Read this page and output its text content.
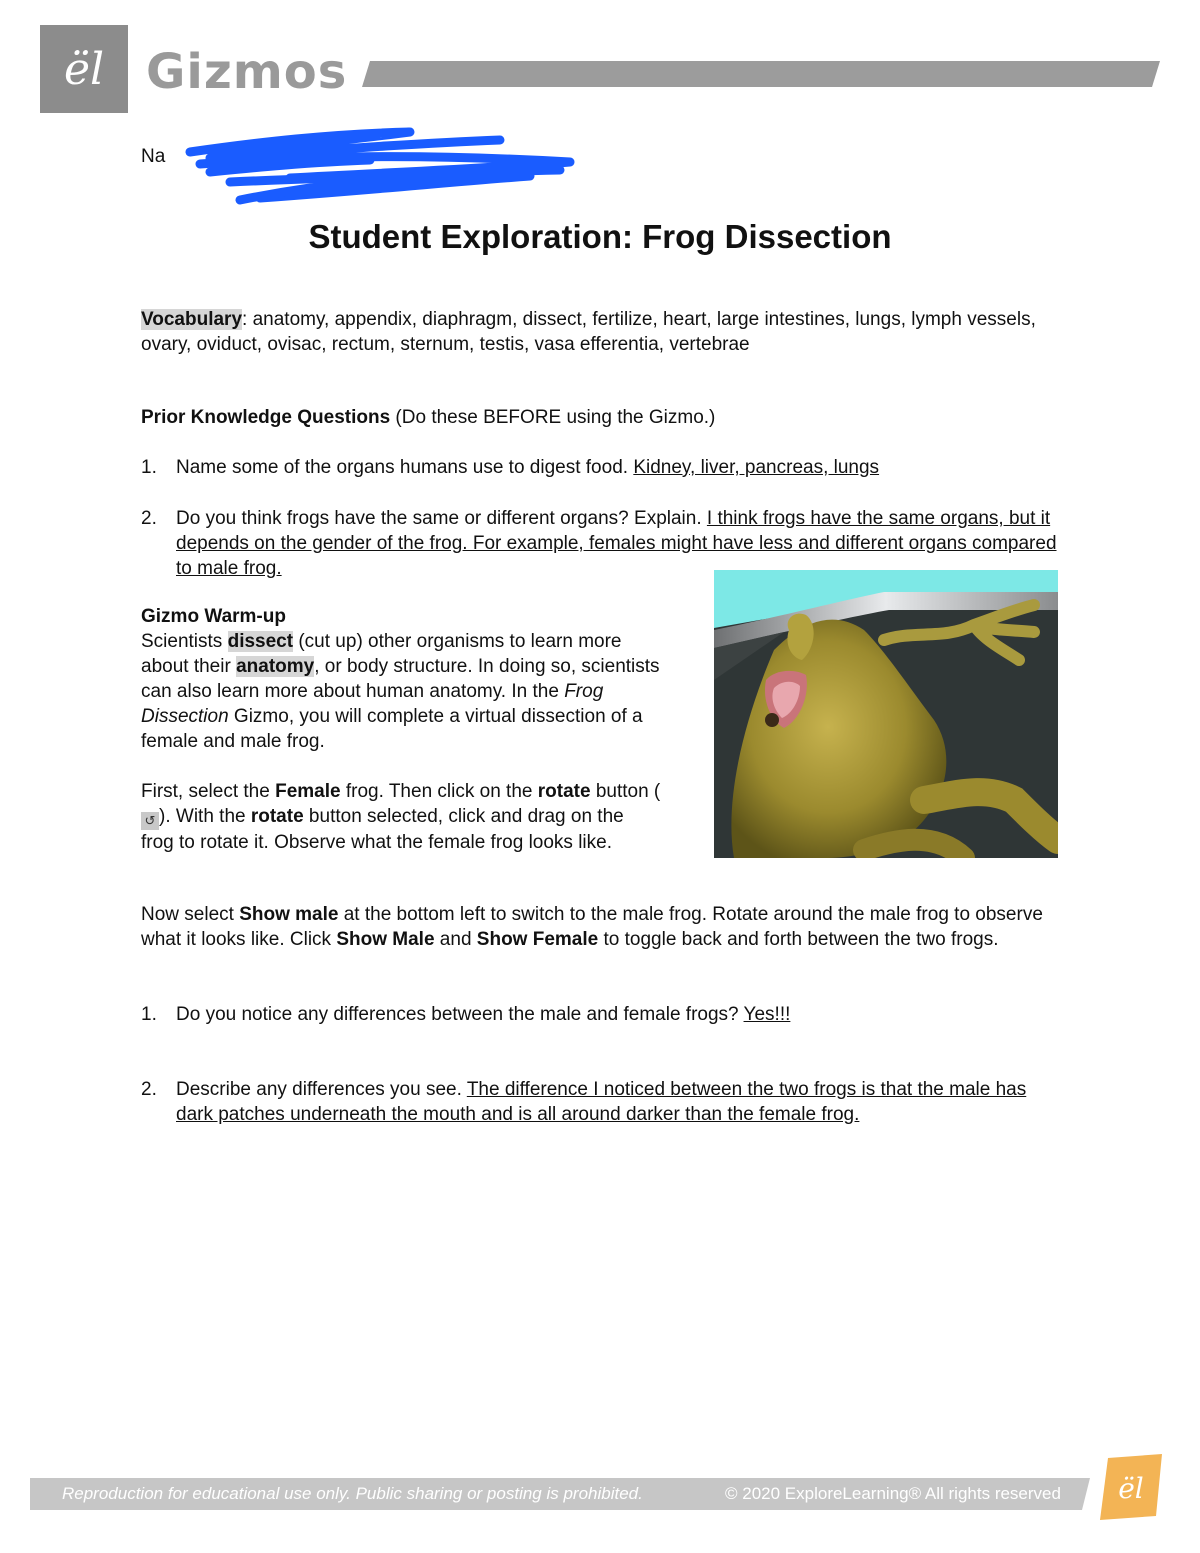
ël Gizmos
Na
Student Exploration: Frog Dissection
Vocabulary: anatomy, appendix, diaphragm, dissect, fertilize, heart, large intestines, lungs, lymph vessels, ovary, oviduct, ovisac, rectum, sternum, testis, vasa efferentia, vertebrae
Prior Knowledge Questions (Do these BEFORE using the Gizmo.)
1. Name some of the organs humans use to digest food. Kidney, liver, pancreas, lungs
2. Do you think frogs have the same or different organs? Explain. I think frogs have the same organs, but it depends on the gender of the frog. For example, females might have less and different organs compared to male frog.
Gizmo Warm-up
Scientists dissect (cut up) other organisms to learn more about their anatomy, or body structure. In doing so, scientists can also learn more about human anatomy. In the Frog Dissection Gizmo, you will complete a virtual dissection of a female and male frog.
First, select the Female frog. Then click on the rotate button (↺ ). With the rotate button selected, click and drag on the frog to rotate it. Observe what the female frog looks like.
Now select Show male at the bottom left to switch to the male frog. Rotate around the male frog to observe what it looks like. Click Show Male and Show Female to toggle back and forth between the two frogs.
1. Do you notice any differences between the male and female frogs? Yes!!!
2. Describe any differences you see. The difference I noticed between the two frogs is that the male has dark patches underneath the mouth and is all around darker than the female frog.
Reproduction for educational use only. Public sharing or posting is prohibited.	© 2020 ExploreLearning® All rights reserved ël
